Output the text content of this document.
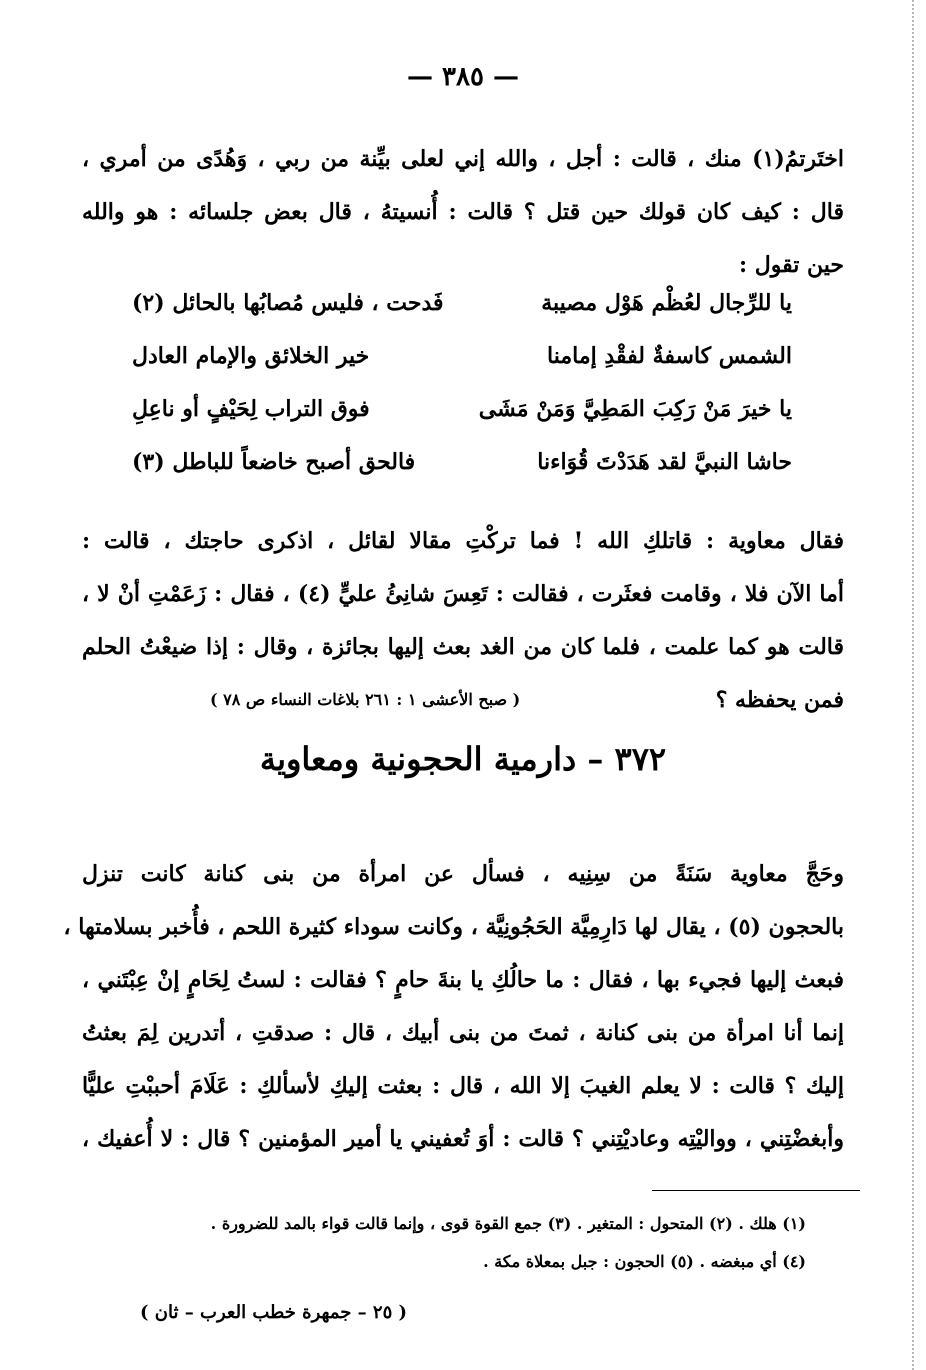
— ٣٨٥ —

اختَرتمُ(١) منك ، قالت : أجل ، والله إني لعلى بيِّنة من ربي ، وَهُدًى من أمري ،

قال : كيف كان قولك حين قتل ؟ قالت : أُنسيتهُ ، قال بعض جلسائه : هو والله

حين تقول :

يا للرِّجال لعُظْم هَوْل مصيبة
فَدحت ، فليس مُصابُها بالحائل (٢)
الشمس كاسفةٌ لفقْدِ إمامنا
خير الخلائق والإمام العادل
يا خيرَ مَنْ رَكِبَ المَطِيَّ وَمَنْ مَشَى
فوق التراب لِحَيْفٍ أو ناعِلِ
حاشا النبيَّ لقد هَدَدْتَ قُوَاءنا
فالحق أصبح خاضعاً للباطل (٣)

فقال معاوية : قاتلكِ الله ! فما تركْتِ مقالا لقائل ، اذكرى حاجتك ، قالت :

أما الآن فلا ، وقامت فعثَرت ، فقالت : تَعِسَ شانِئُ عليٍّ (٤) ، فقال : زَعَمْتِ أنْ لا ،

قالت هو كما علمت ، فلما كان من الغد بعث إليها بجائزة ، وقال : إذا ضيعْتُ الحلم

فمن يحفظه ؟

( صبح الأعشى ١ : ٢٦١ بلاغات النساء ص ٧٨ )
٣٧٢ – دارمية الحجونية ومعاوية

وحَجَّ معاوية سَنَةً من سِنِيه ، فسأل عن امرأة من بنى كنانة كانت تنزل

بالحجون (٥) ، يقال لها دَارِمِيَّة الحَجُونِيَّة ، وكانت سوداء كثيرة اللحم ، فأُخبر بسلامتها ،

فبعث إليها فجيء بها ، فقال : ما حالُكِ يا بنةَ حامٍ ؟ فقالت : لستُ لِحَامٍ إنْ عِبْتَني ،

إنما أنا امرأة من بنى كنانة ، ثمتَ من بنى أبيك ، قال : صدقتِ ، أتدرين لِمَ بعثتُ

إليك ؟ قالت : لا يعلم الغيبَ إلا الله ، قال : بعثت إليكِ لأسألكِ : عَلَامَ أحببْتِ عليًّا

وأبغضْتِني ، وواليْتِه وعاديْتِني ؟ قالت : أوَ تُعفيني يا أمير المؤمنين ؟ قال : لا أُعفيك ،

(١) هلك . (٢) المتحول : المتغير . (٣) جمع القوة قوى ، وإنما قالت قواء بالمد للضرورة .
(٤) أي مبغضه . (٥) الحجون : جبل بمعلاة مكة .
( ٢٥ – جمهرة خطب العرب – ثان )
